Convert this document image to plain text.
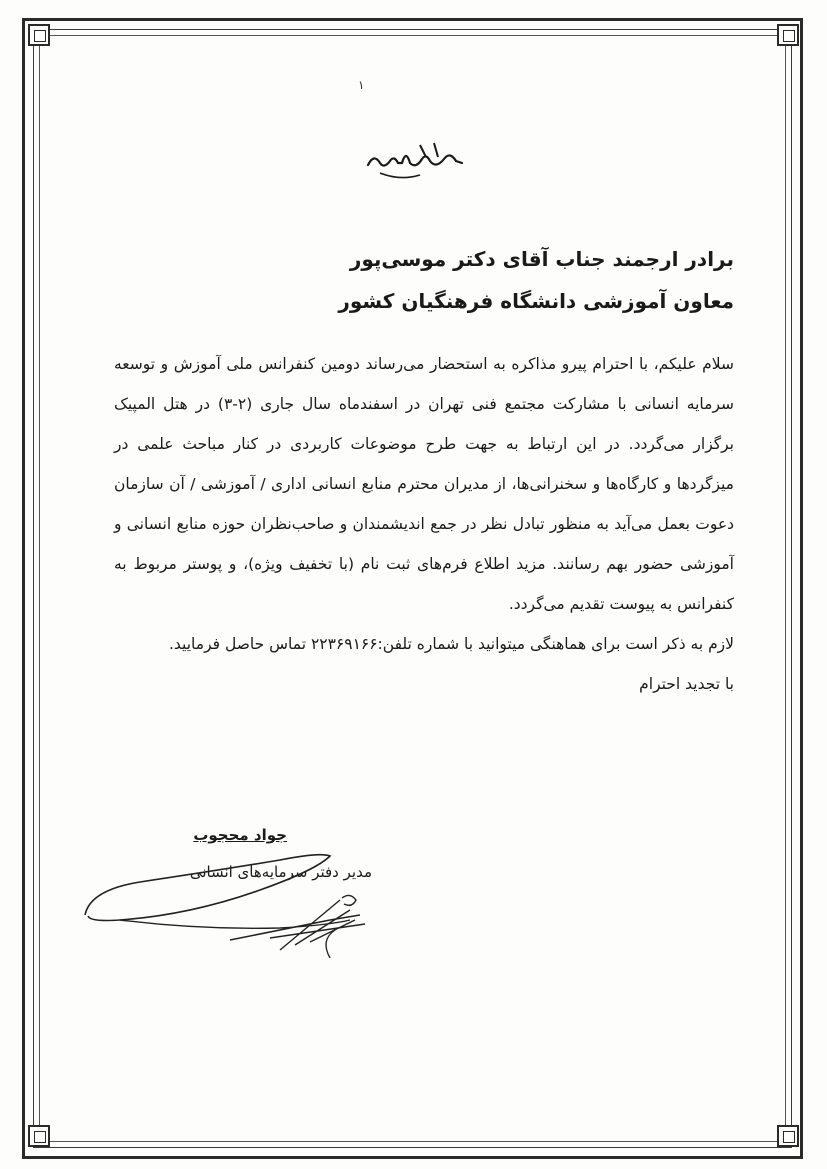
۱
برادر ارجمند جناب آقای دکتر موسی‌پور
معاون آموزشی دانشگاه فرهنگیان کشور

سلام علیکم، با احترام پیرو مذاکره به استحضار می‌رساند دومین کنفرانس ملی آموزش و توسعه سرمایه انسانی با مشارکت مجتمع فنی تهران در اسفندماه سال جاری (۲-۳) در هتل المپیک برگزار می‌گردد. در این ارتباط به جهت طرح موضوعات کاربردی در کنار مباحث علمی در میزگردها و کارگاه‌ها و سخنرانی‌ها، از مدیران محترم منابع انسانی اداری / آموزشی / آن سازمان دعوت بعمل می‌آید به منظور تبادل نظر در جمع اندیشمندان و صاحب‌نظران حوزه منابع انسانی و آموزشی حضور بهم رسانند. مزید اطلاع فرم‌های ثبت نام (با تخفیف ویژه)، و پوستر مربوط به کنفرانس به پیوست تقدیم می‌گردد.

لازم به ذکر است برای هماهنگی میتوانید با شماره تلفن:۲۲۳۶۹۱۶۶ تماس حاصل فرمایید.

با تجدید احترام

جواد محجوب
مدیر دفتر سرمایه‌های انسانی
